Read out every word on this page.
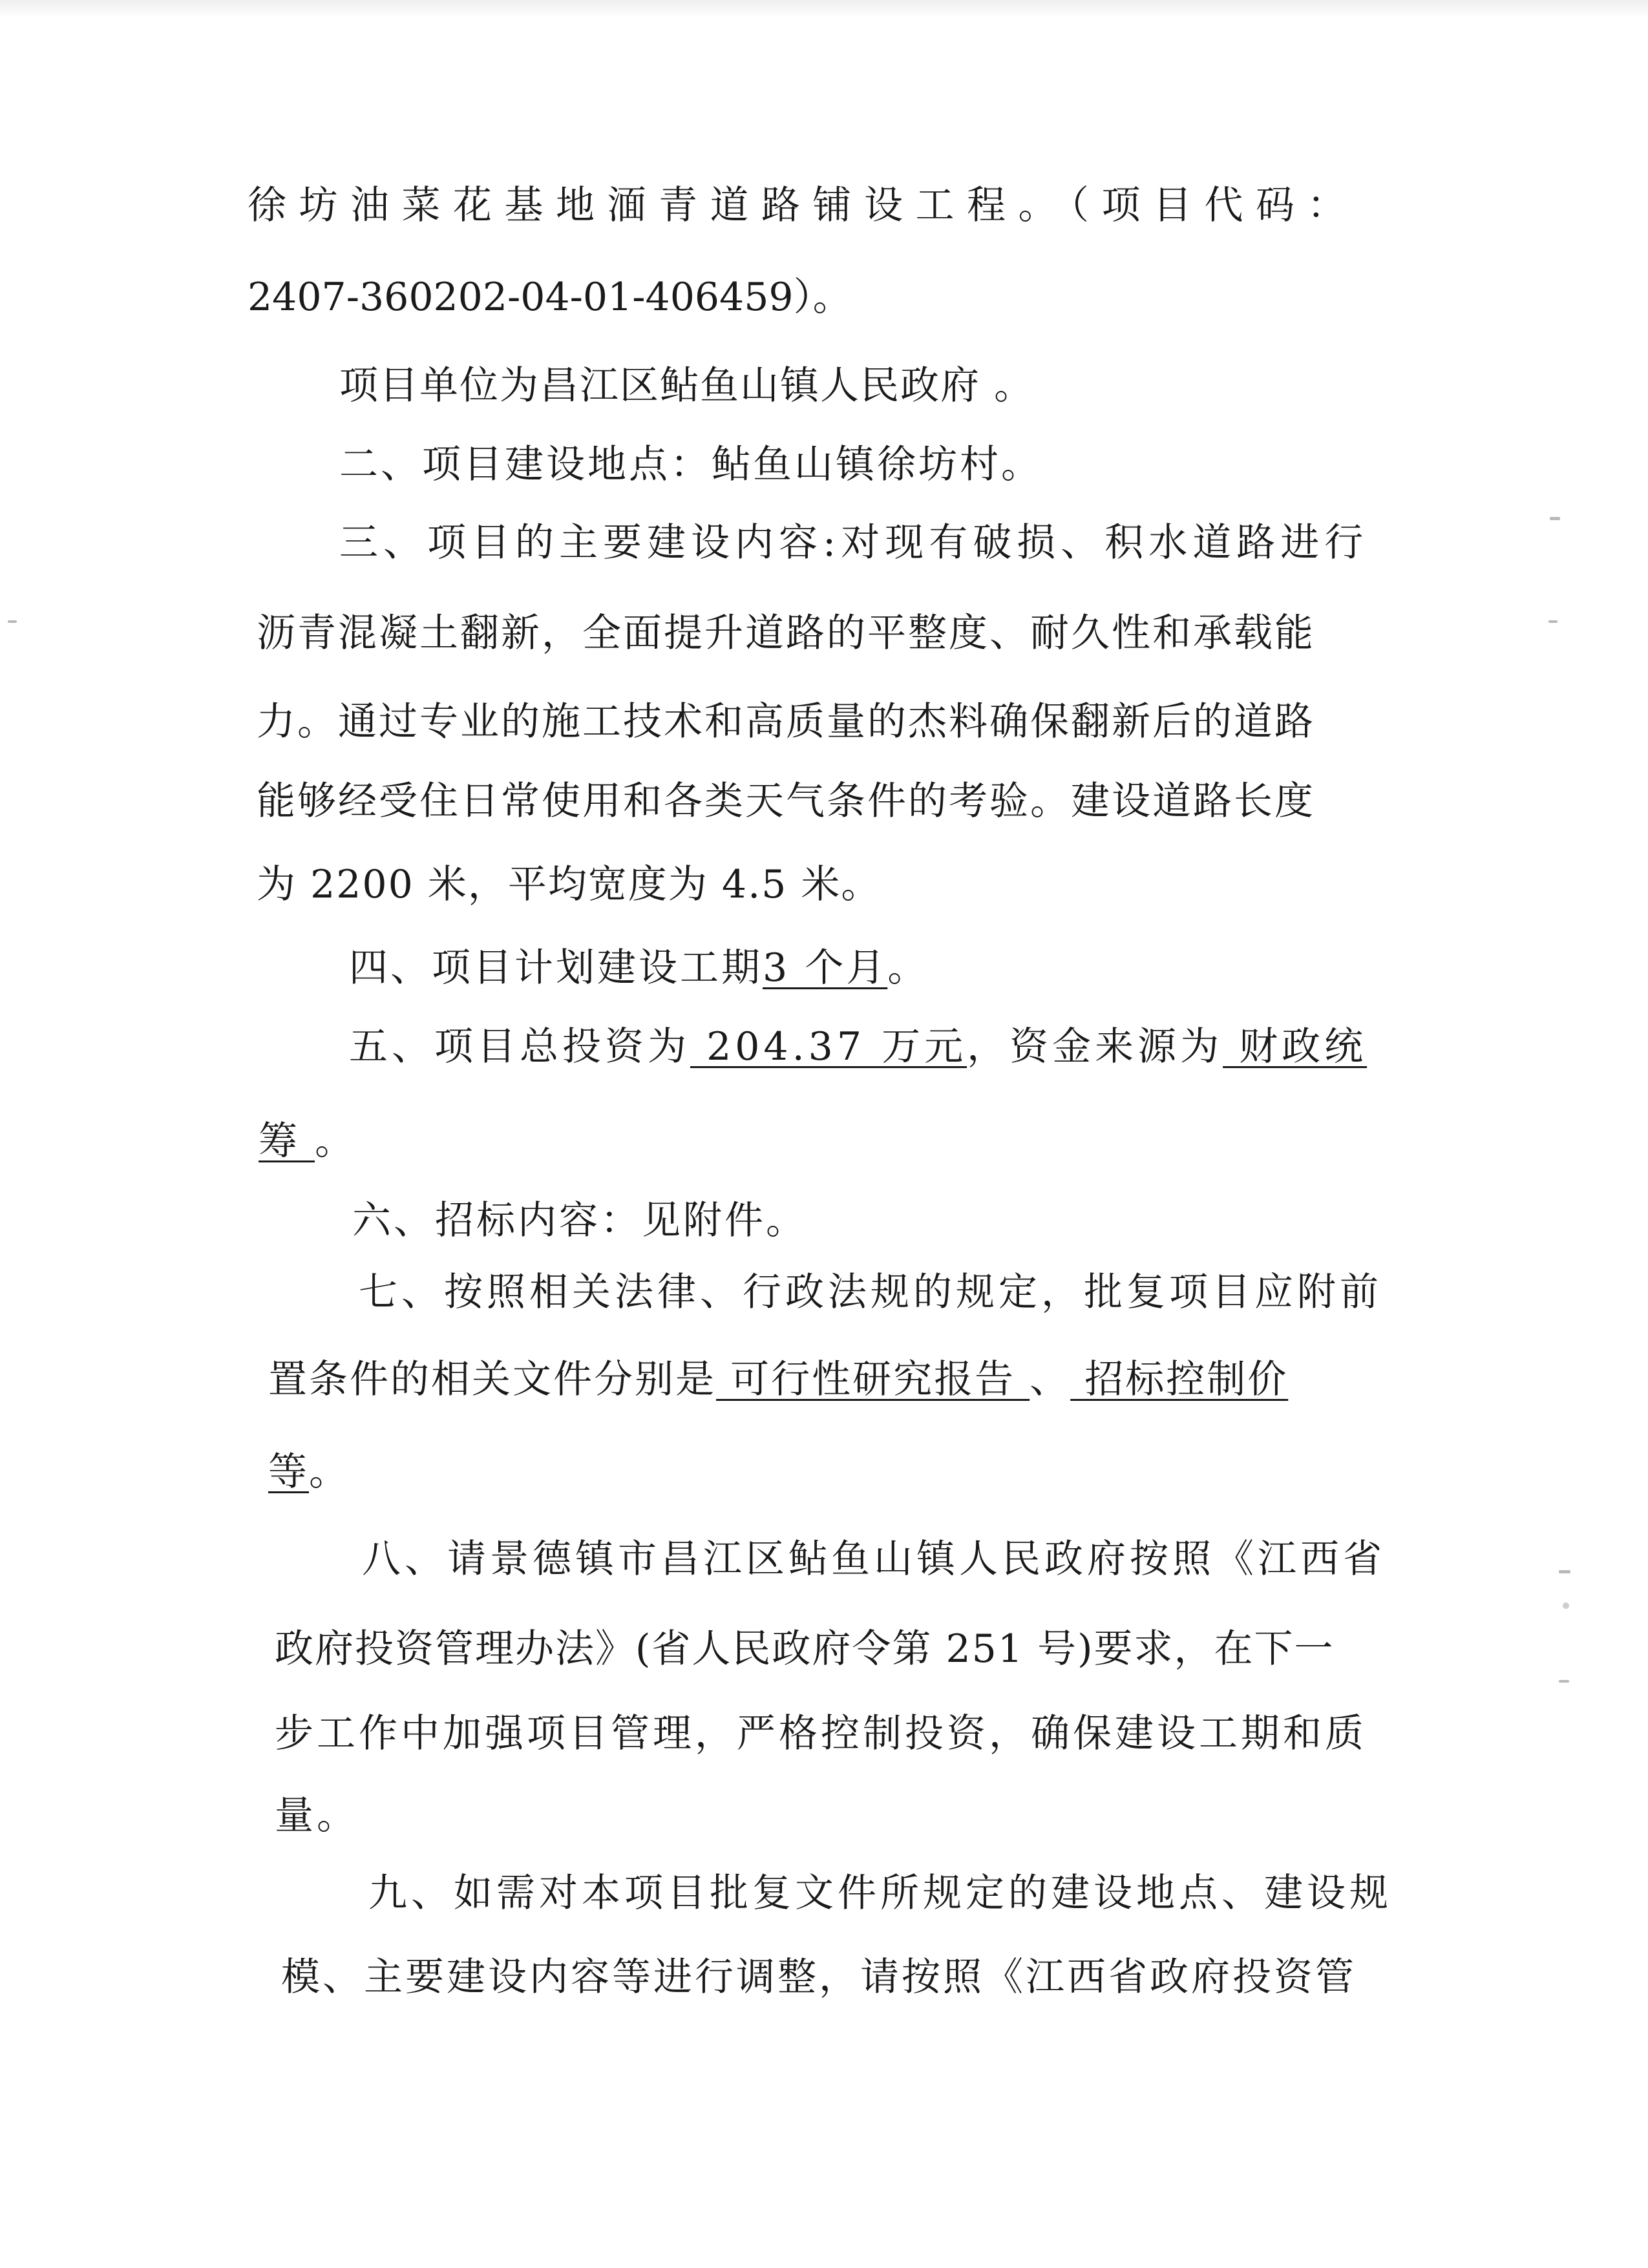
徐坊油菜花基地湎青道路铺设工程。（项目代码：
2407-360202-04-01-406459）。
项目单位为昌江区鲇鱼山镇人民政府 。
二、项目建设地点：鲇鱼山镇徐坊村。
三、项目的主要建设内容:对现有破损、积水道路进行
沥青混凝土翻新，全面提升道路的平整度、耐久性和承载能
力。通过专业的施工技术和高质量的杰料确保翻新后的道路
能够经受住日常使用和各类天气条件的考验。建设道路长度
为 2200 米，平均宽度为 4.5 米。
四、项目计划建设工期3 个月。
五、项目总投资为 204.37 万元，资金来源为 财政统
筹 。
六、招标内容：见附件。
七、按照相关法律、行政法规的规定，批复项目应附前
置条件的相关文件分别是 可行性研究报告 、 招标控制价
等。
八、请景德镇市昌江区鲇鱼山镇人民政府按照《江西省
政府投资管理办法》(省人民政府令第 251 号)要求，在下一
步工作中加强项目管理，严格控制投资，确保建设工期和质
量。
九、如需对本项目批复文件所规定的建设地点、建设规
模、主要建设内容等进行调整，请按照《江西省政府投资管
